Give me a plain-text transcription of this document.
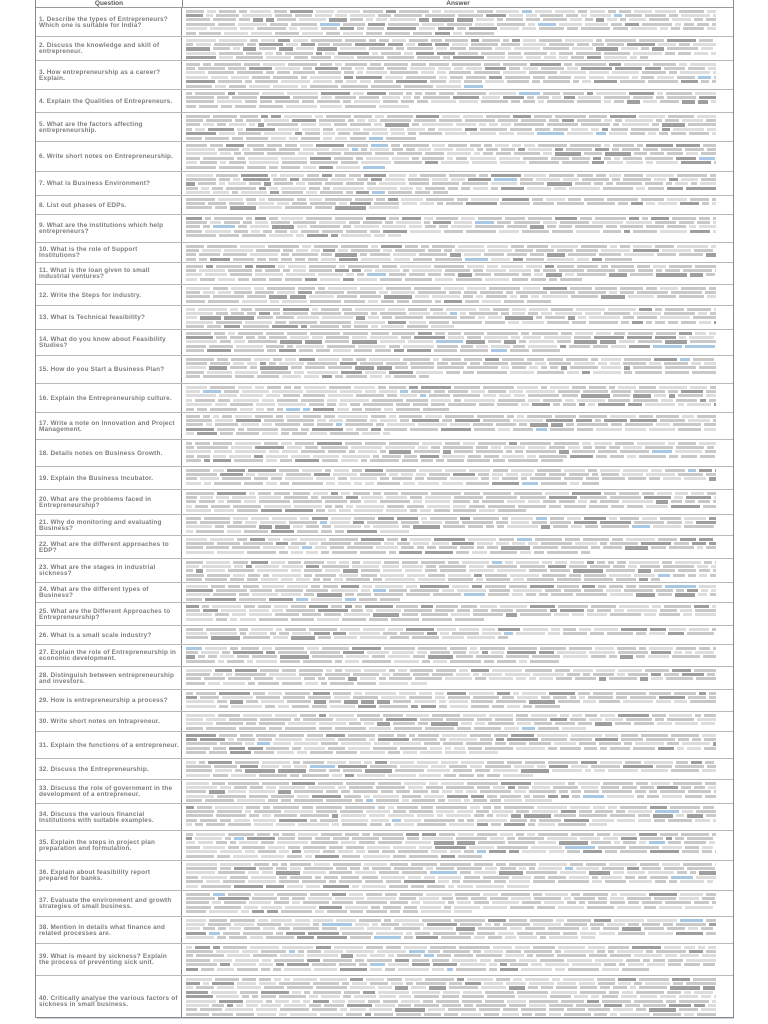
Question	Answer
1. Describe the types of Entrepreneurs? Which one is suitable for India?
2. Discuss the knowledge and skill of entrepreneur.
3. How entrepreneurship as a career? Explain.
4. Explain the Qualities of Entrepreneurs.
5. What are the factors affecting entrepreneurship.
6. Write short notes on Entrepreneurship.
7. What is Business Environment?
8. List out phases of EDPs.
9. What are the institutions which help entrepreneurs?
10. What is the role of Support Institutions?
11. What is the loan given to small industrial ventures?
12. Write the Steps for Industry.
13. What is Technical feasibility?
14. What do you know about Feasibility Studies?
15. How do you Start a Business Plan?
16. Explain the Entrepreneurship culture.
17. Write a note on Innovation and Project Management.
18. Details notes on Business Growth.
19. Explain the Business Incubator.
20. What are the problems faced in Entrepreneurship?
21. Why do monitoring and evaluating Business?
22. What are the different approaches to EDP?
23. What are the stages in industrial sickness?
24. What are the different types of Business?
25. What are the Different Approaches to Entrepreneurship?
26. What is a small scale industry?
27. Explain the role of Entrepreneurship in economic development.
28. Distinguish between entrepreneurship and investors.
29. How is entrepreneurship a process?
30. Write short notes on Intrapreneur.
31. Explain the functions of a entrepreneur.
32. Discuss the Entrepreneurship.
33. Discuss the role of government in the development of a entrepreneur.
34. Discuss the various financial Institutions with suitable examples.
35. Explain the steps in project plan preparation and formulation.
36. Explain about feasibility report prepared for banks.
37. Evaluate the environment and growth strategies of small business.
38. Mention in details what finance and related processes are.
39. What is meant by sickness? Explain the process of preventing sick unit.
40. Critically analyse the various factors of sickness in small business.
